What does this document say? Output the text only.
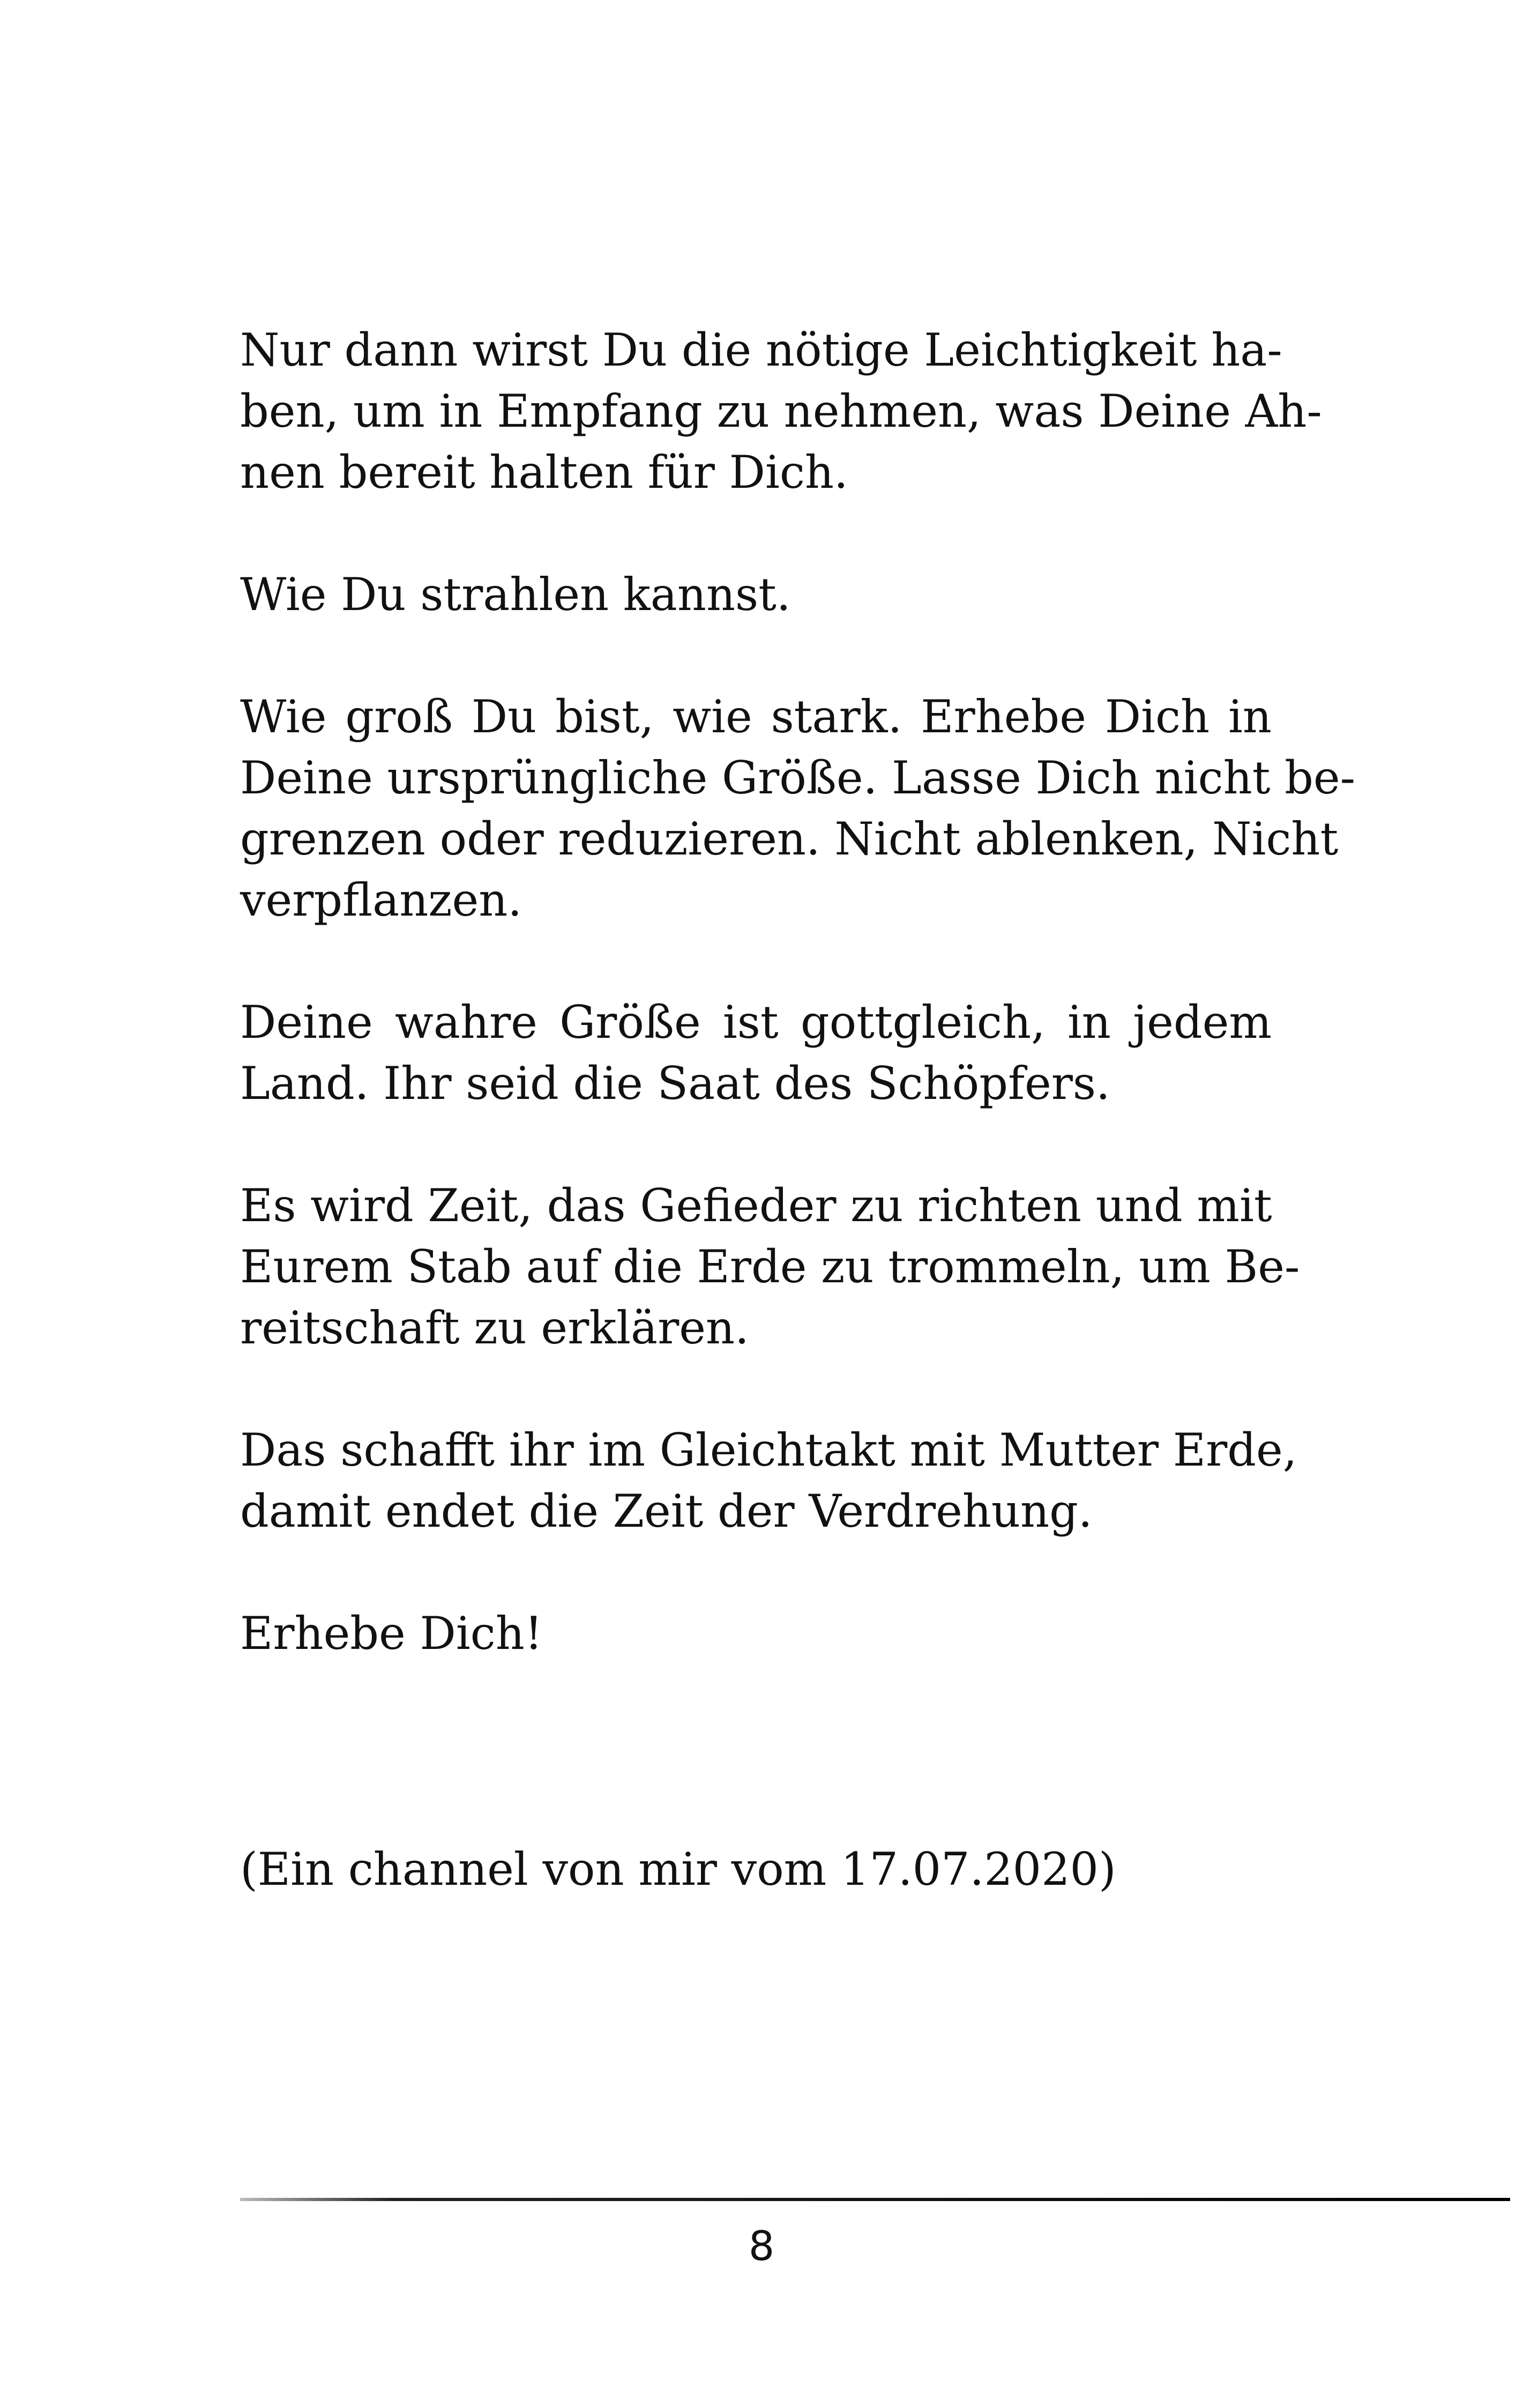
Nur dann wirst Du die nötige Leichtigkeit ha-
ben, um in Empfang zu nehmen, was Deine Ah-
nen bereit halten für Dich.

Wie Du strahlen kannst.

Wie groß Du bist, wie stark. Erhebe Dich in
Deine ursprüngliche Größe. Lasse Dich nicht be-
grenzen oder reduzieren. Nicht ablenken, Nicht
verpflanzen.

Deine wahre Größe ist gottgleich, in jedem
Land. Ihr seid die Saat des Schöpfers.

Es wird Zeit, das Gefieder zu richten und mit
Eurem Stab auf die Erde zu trommeln, um Be-
reitschaft zu erklären.

Das schafft ihr im Gleichtakt mit Mutter Erde,
damit endet die Zeit der Verdrehung.

Erhebe Dich!

(Ein channel von mir vom 17.07.2020)
8
